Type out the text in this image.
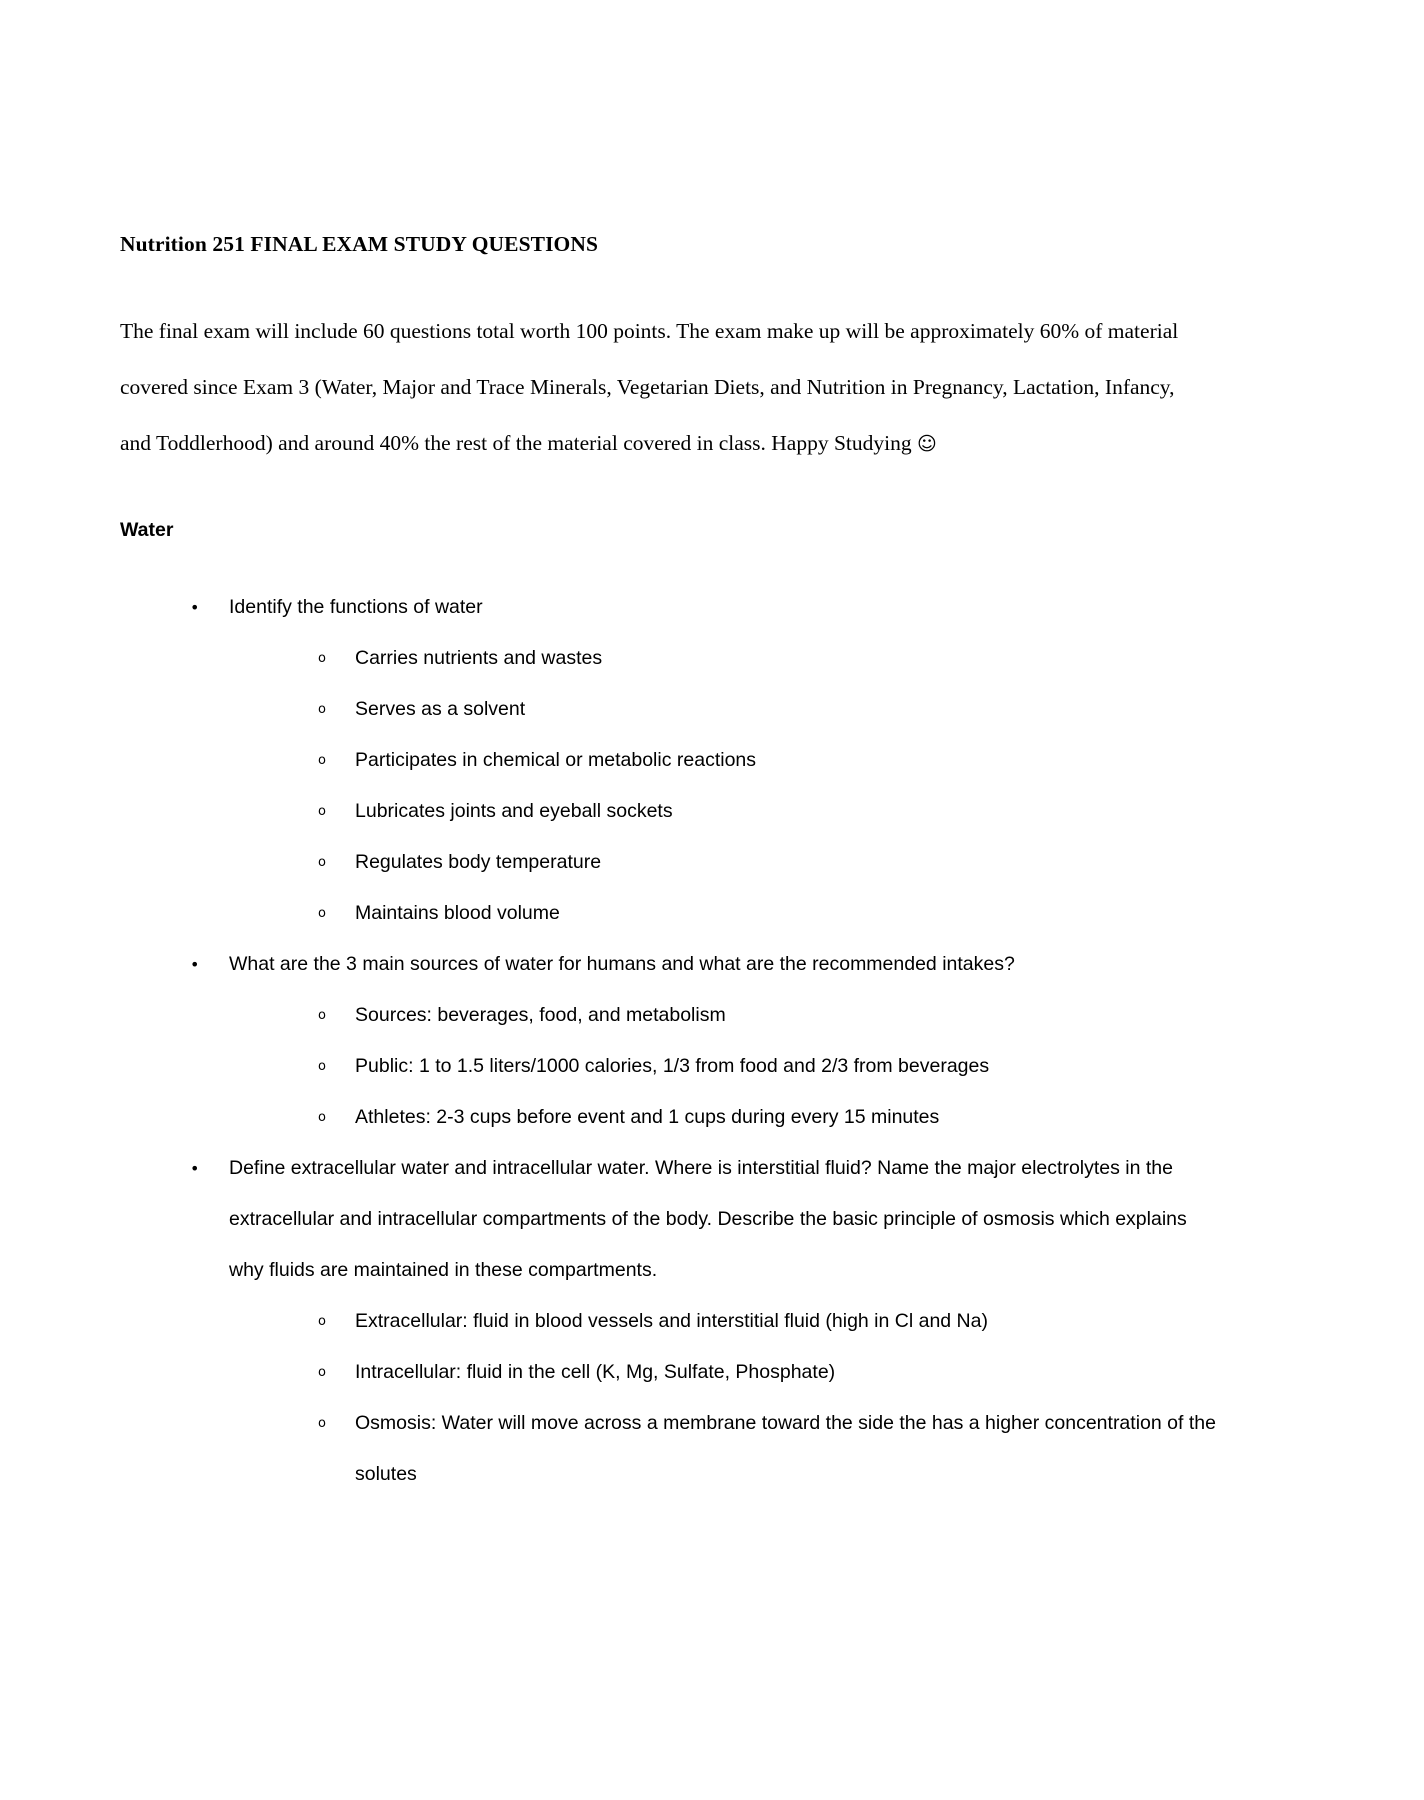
Nutrition 251 FINAL EXAM STUDY QUESTIONS

The final exam will include 60 questions total worth 100 points. The exam make up will be approximately 60% of material covered since Exam 3 (Water, Major and Trace Minerals, Vegetarian Diets, and Nutrition in Pregnancy, Lactation, Infancy, and Toddlerhood) and around 40% the rest of the material covered in class. Happy Studying ☺

Water
• Identify the functions of water
o Carries nutrients and wastes
o Serves as a solvent
o Participates in chemical or metabolic reactions
o Lubricates joints and eyeball sockets
o Regulates body temperature
o Maintains blood volume
• What are the 3 main sources of water for humans and what are the recommended intakes?
o Sources: beverages, food, and metabolism
o Public: 1 to 1.5 liters/1000 calories, 1/3 from food and 2/3 from beverages
o Athletes: 2-3 cups before event and 1 cups during every 15 minutes
• Define extracellular water and intracellular water. Where is interstitial fluid? Name the major electrolytes in the extracellular and intracellular compartments of the body. Describe the basic principle of osmosis which explains why fluids are maintained in these compartments.
o Extracellular: fluid in blood vessels and interstitial fluid (high in Cl and Na)
o Intracellular: fluid in the cell (K, Mg, Sulfate, Phosphate)
o Osmosis: Water will move across a membrane toward the side the has a higher concentration of the solutes
